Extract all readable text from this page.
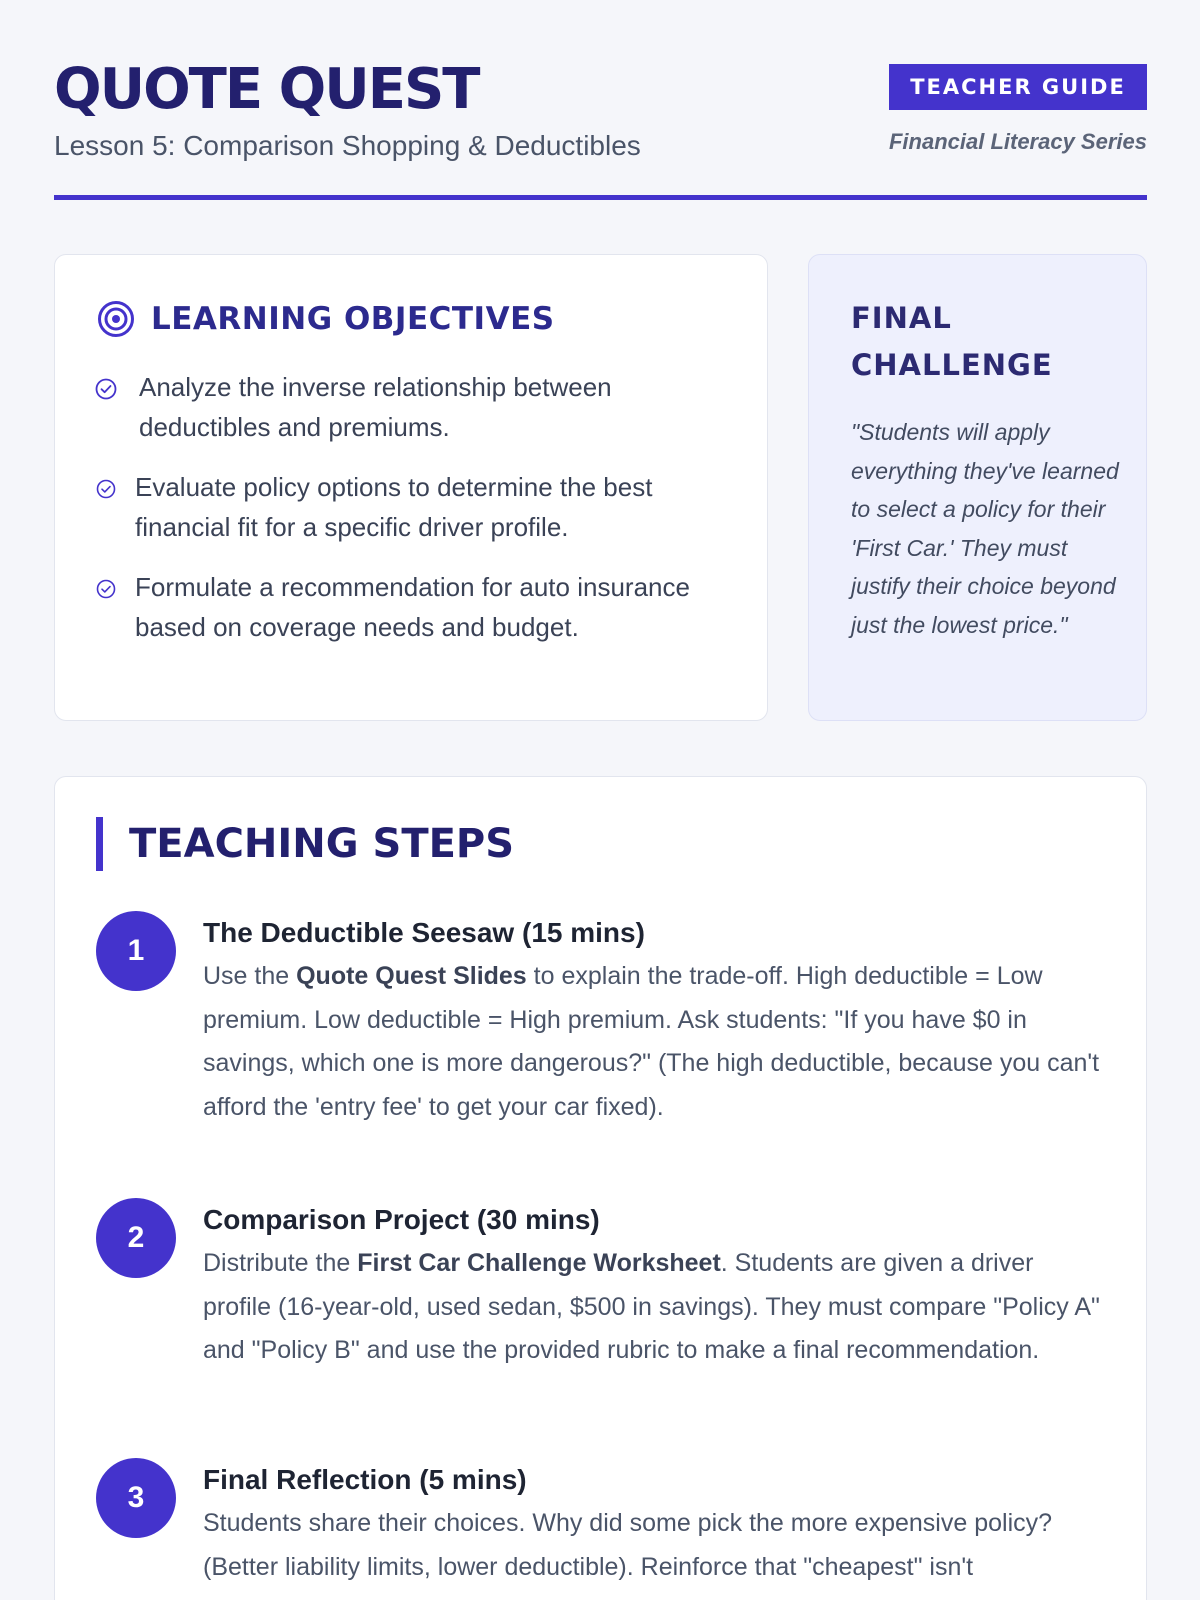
QUOTE QUEST
Lesson 5: Comparison Shopping & Deductibles
TEACHER GUIDE
Financial Literacy Series
LEARNING OBJECTIVES
Analyze the inverse relationship between deductibles and premiums.
Evaluate policy options to determine the best financial fit for a specific driver profile.
Formulate a recommendation for auto insurance based on coverage needs and budget.
FINAL CHALLENGE
"Students will apply everything they've learned to select a policy for their 'First Car.' They must justify their choice beyond just the lowest price."
TEACHING STEPS
1
The Deductible Seesaw (15 mins)
Use the Quote Quest Slides to explain the trade-off. High deductible = Low premium. Low deductible = High premium. Ask students: "If you have $0 in savings, which one is more dangerous?" (The high deductible, because you can't afford the 'entry fee' to get your car fixed).
2
Comparison Project (30 mins)
Distribute the First Car Challenge Worksheet. Students are given a driver profile (16-year-old, used sedan, $500 in savings). They must compare "Policy A" and "Policy B" and use the provided rubric to make a final recommendation.
3
Final Reflection (5 mins)
Students share their choices. Why did some pick the more expensive policy? (Better liability limits, lower deductible). Reinforce that "cheapest" isn't
